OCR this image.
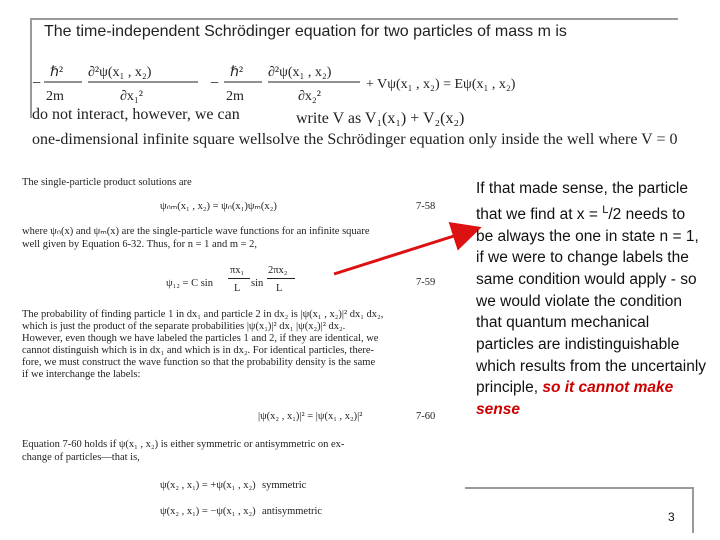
The time-independent Schrödinger equation for two particles of mass m is
−
ℏ²
2m
∂²ψ(x₁ , x₂)
∂x₁²
−
ℏ²
2m
∂²ψ(x₁ , x₂)
∂x₂²
+ Vψ(x₁ , x₂) = Eψ(x₁ , x₂)
do not interact, however, we can	write V as V₁(x₁) + V₂(x₂)
one-dimensional infinite square well solve the Schrödinger equation only inside the well where V = 0
The single-particle product solutions are
ψₙₘ(x₁ , x₂) = ψₙ(x₁)ψₘ(x₂)	7-58
where ψₙ(x) and ψₘ(x) are the single-particle wave functions for an infinite square
well given by Equation 6-32. Thus, for n = 1 and m = 2,
ψ₁₂ = C sin
πx₁
L sin
2πx₂
L
7-59
The probability of finding particle 1 in dx₁ and particle 2 in dx₂ is |ψ(x₁ , x₂)|² dx₁ dx₂,
which is just the product of the separate probabilities |ψ(x₁)|² dx₁ |ψ(x₂)|² dx₂.
However, even though we have labeled the particles 1 and 2, if they are identical, we
cannot distinguish which is in dx₁ and which is in dx₂. For identical particles, there-
fore, we must construct the wave function so that the probability density is the same
if we interchange the labels:
|ψ(x₂ , x₁)|² = |ψ(x₁ , x₂)|²	7-60
Equation 7-60 holds if ψ(x₁ , x₂) is either symmetric or antisymmetric on ex-
change of particles—that is,
ψ(x₂ , x₁) = +ψ(x₁ , x₂) symmetric
ψ(x₂ , x₁) = −ψ(x₁ , x₂) antisymmetric
If that made sense, the particle that we find at x = $^L$/2 needs to be always the one in state n = 1, if we were to change labels the same condition would apply - so we would violate the condition that quantum mechanical particles are indistinguishable which results from the uncertainly principle, so it cannot make sense
3
